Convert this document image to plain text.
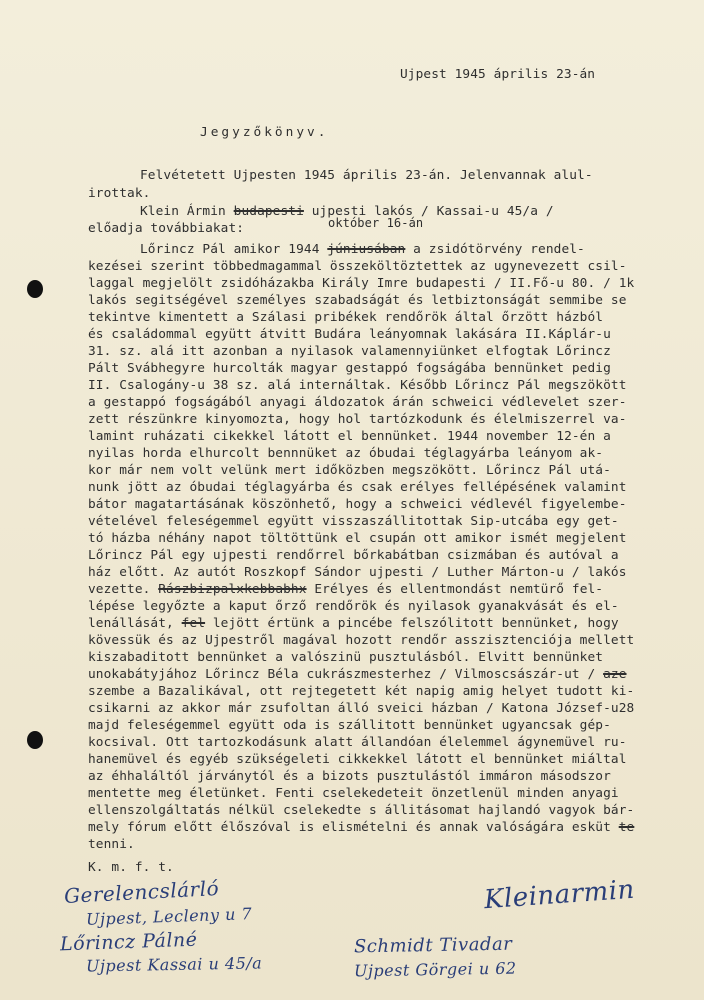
Ujpest 1945 április 23-án
Jegyzőkönyv.
Felvétetett Ujpesten 1945 április 23-án. Jelenvannak alul-
irottak.
Klein Ármin budapesti ujpesti lakós / Kassai-u 45/a /
előadja továbbiakat:	október 16-án
Lőrincz Pál amikor 1944 júniusában a zsidótörvény rendel-
kezései szerint többedmagammal összeköltöztettek az ugynevezett csil-
laggal megjelölt zsidóházakba Király Imre budapesti / II.Fő-u 80. / 1k
lakós segitségével személyes szabadságát és letbiztonságát semmibe se
tekintve kimentett a Szálasi pribékek rendőrök által őrzött házból
és családommal együtt átvitt Budára leányomnak lakására II.Káplár-u
31. sz. alá itt azonban a nyilasok valamennyiünket elfogtak Lőrincz
Pált Svábhegyre hurcolták magyar gestappó fogságába bennünket pedig
II. Csalogány-u 38 sz. alá internáltak. Később Lőrincz Pál megszökött
a gestappó fogságából anyagi áldozatok árán schweici védlevelet szer-
zett részünkre kinyomozta, hogy hol tartózkodunk és élelmiszerrel va-
lamint ruházati cikekkel látott el bennünket. 1944 november 12-én a
nyilas horda elhurcolt bennnüket az óbudai téglagyárba leányom ak-
kor már nem volt velünk mert időközben megszökött. Lőrincz Pál utá-
nunk jött az óbudai téglagyárba és csak erélyes fellépésének valamint
bátor magatartásának köszönhető, hogy a schweici védlevél figyelembe-
vételével feleségemmel együtt visszaszállitottak Sip-utcába egy get-
tó házba néhány napot töltöttünk el csupán ott amikor ismét megjelent
Lőrincz Pál egy ujpesti rendőrrel bőrkabátban csizmában és autóval a
ház előtt. Az autót Roszkopf Sándor ujpesti / Luther Márton-u / lakós
vezette. Rászbizpalxkebbabhx Erélyes és ellentmondást nemtürő fel-
lépése legyőzte a kaput őrző rendőrök és nyilasok gyanakvását és el-
lenállását, fel lejött értünk a pincébe felszólitott bennünket, hogy
kövessük és az Ujpestről magával hozott rendőr asszisztenciója mellett
kiszabaditott bennünket a valószinü pusztulásból. Elvitt bennünket
unokabátyjához Lőrincz Béla cukrászmesterhez / Vilmoscsászár-ut / aze
szembe a Bazalikával, ott rejtegetett két napig amig helyet tudott ki-
csikarni az akkor már zsufoltan álló sveici házban / Katona József-u28
majd feleségemmel együtt oda is szállitott bennünket ugyancsak gép-
kocsival. Ott tartozkodásunk alatt állandóan élelemmel ágynemüvel ru-
hanemüvel és egyéb szükségeleti cikkekkel látott el bennünket miáltal
az éhhaláltól járványtól és a bizots pusztulástól immáron másodszor
mentette meg életünket. Fenti cselekedeteit önzetlenül minden anyagi
ellenszolgáltatás nélkül cselekedte s állitásomat hajlandó vagyok bár-
mely fórum előtt élőszóval is elismételni és annak valóságára esküt te
tenni.
K. m. f. t.
Kleinarmin
Gerelencslárló
Ujpest, Lecleny u 7
Lőrincz Pálné
Ujpest Kassai u 45/a
Schmidt Tivadar
Ujpest Görgei u 62
